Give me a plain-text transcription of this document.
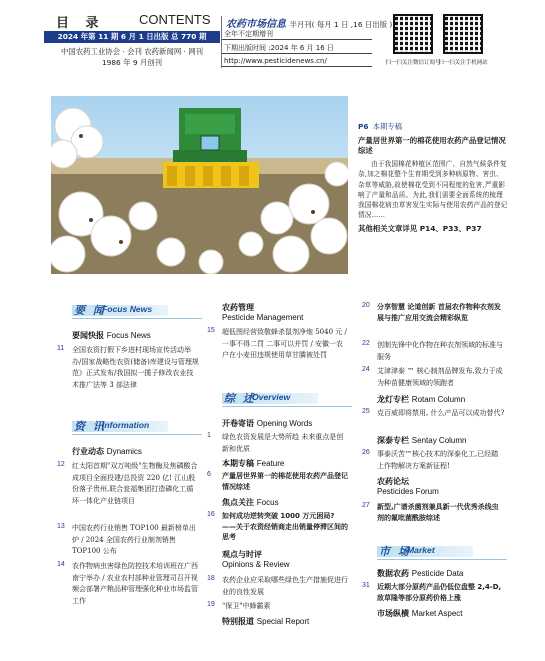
目 录	CONTENTS
2024 年第 11 期 6 月 1 日出版 总 770 期
中国农药工业协会 · 会刊 农药新闻网 · 网刊
1986 年 9 月创刊
农药市场信息 半月刊( 每月 1 日 ,16 日出版 )
全年不定期增刊
下期出版时间 :2024 年 6 月 16 日
http://www.pesticidenews.cn/	扫一扫关注微信订阅号
扫一扫关注手机网站
P6 本期专稿
产量居世界第一的棉花使用农药产品登记情况综述
由于我国棉花种植区范围广、自然气候条件复杂,加之棉花整个生育期受到多种病原物、害虫、杂草等威胁,故使棉花受到不同程度的危害,严重影响了产量和品质。为此,我们需要全面系统的梳理我国棉花病虫草害发生实际与使用农药产品的登记情况……
其他相关文章详见 P14、P33、P37
要 闻
Focus News
要闻快报 Focus News
11 全国农资打假下乡进村现场宣传活动举办/国家战略性农资(储备)库建设与管理规范》正式发布/我国拟一揽子修改农业技术推广法等 3 部法律
资 讯
Information
行业动态 Dynamics
12 红太阳首期"双万吨级"生物酶及焦磷酸合成项目全面投建/总投资 220 亿! 江山股份落子贵州,联合瓮福集团打造磷化工循环一体化产业链项目
13 中国农药行业销售 TOP100 最新榜单出炉 / 2024 全国农药行业制剂销售 TOP100 公布
14 农作物病虫害绿色防控技术培训班在广西南宁举办 / 农业农村部种业管理司召开视频会部署产粮品种管理强化种业市场监管工作
农药管理
Pesticide Management
15 超低图经营致敬蜂杀鼠剂净炮 5040 元 / 一事不得二罚 二事可以并罚 / 安徽一农户在小麦田违规使用草甘膦被处罚
综 述
Overview
开卷寄语 Opening Words
1 绿色农资发展是大势所趋 未来重点是创新和优质
本期专稿 Feature
6 产量居世界第一的棉花使用农药产品登记情况综述
焦点关注 Focus
16 如何成功逆转突破 1000 万元困局? ——关于农资经销商走出销量停滞区间的思考
观点与时评
Opinions & Review
18 农药企业应采取哪些绿色生产措施促进行业的良性发展
19 "保卫"中蜂霸素
特别报道 Special Report
20 分享智慧 论道创新 首届农作物种衣剂发展与推广应用交流会精彩纵览
22 创制先锋中化作物在种衣剂领域的标准与服务
24 艾津津泰 ™ 核心制剂品牌发布,致力于成为种苗健康领域的领跑者
龙灯专栏 Rotam Column
25 克百威即将禁用, 什么产品可以成功替代?
深泰专栏 Sentay Column
26 事泰沃苦™核心技术的深泰化工,已经踏上作物解决方案新征程!
农药论坛
Pesticides Forum
27 新型,广谱杀菌剂兼具新一代优秀杀线虫剂的氟吡菌酰胺综述
市 场
Market
数据农药 Pesticide Data
31 近期大部分原药产品仍低位盘整 2,4-D,敌草隆等部分原药价格上涨
市场纵横 Market Aspect
